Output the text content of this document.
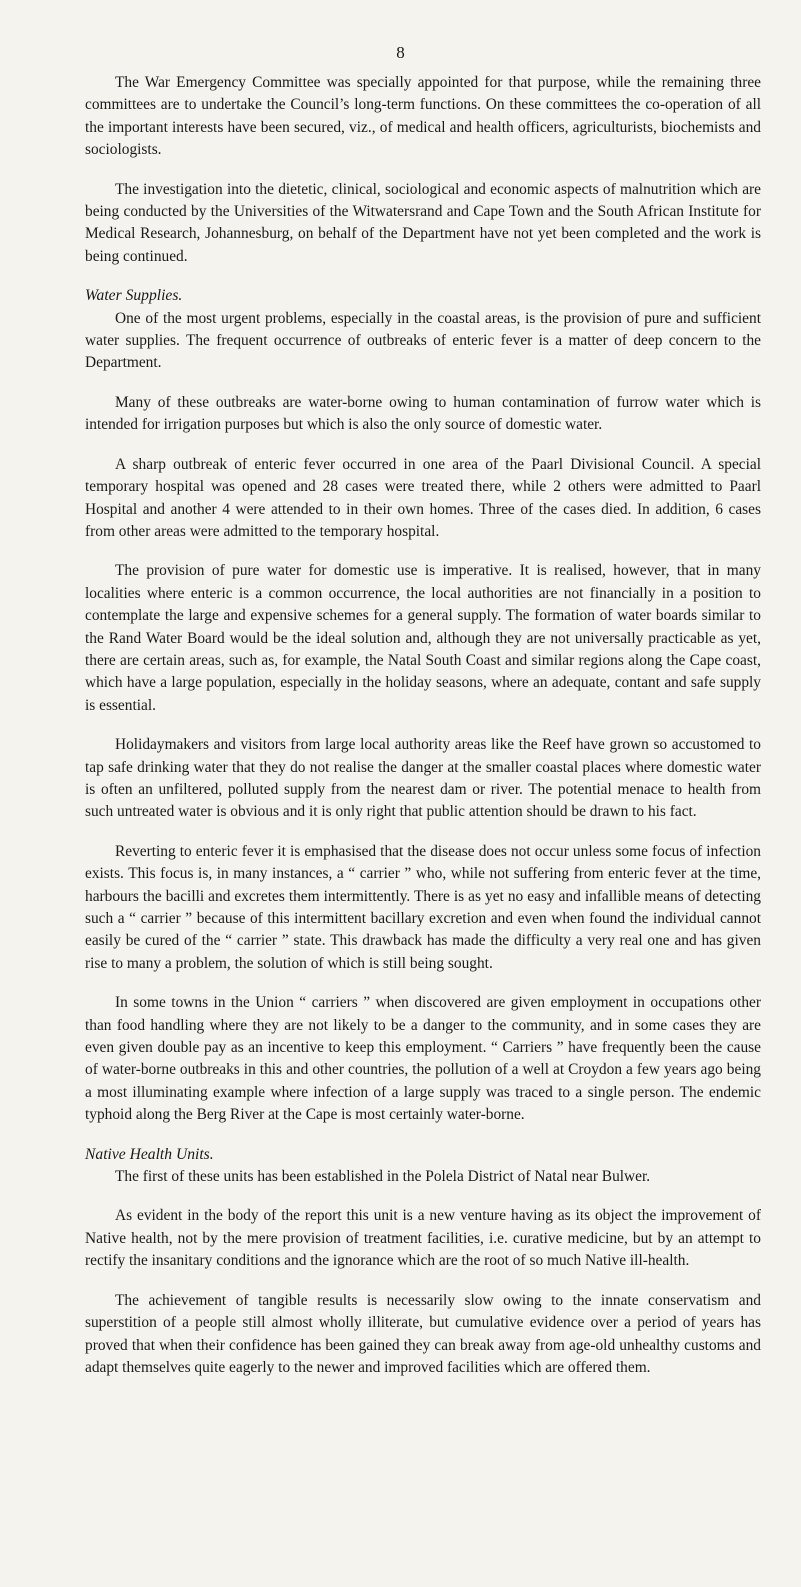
8

The War Emergency Committee was specially appointed for that purpose, while the remaining three committees are to undertake the Council’s long-term functions. On these committees the co-operation of all the important interests have been secured, viz., of medical and health officers, agriculturists, biochemists and sociologists.

The investigation into the dietetic, clinical, sociological and economic aspects of malnutrition which are being conducted by the Universities of the Witwatersrand and Cape Town and the South African Institute for Medical Research, Johannesburg, on behalf of the Department have not yet been completed and the work is being continued.

Water Supplies.

One of the most urgent problems, especially in the coastal areas, is the provision of pure and sufficient water supplies. The frequent occurrence of outbreaks of enteric fever is a matter of deep concern to the Department.

Many of these outbreaks are water-borne owing to human contamination of furrow water which is intended for irrigation purposes but which is also the only source of domestic water.

A sharp outbreak of enteric fever occurred in one area of the Paarl Divisional Council. A special temporary hospital was opened and 28 cases were treated there, while 2 others were admitted to Paarl Hospital and another 4 were attended to in their own homes. Three of the cases died. In addition, 6 cases from other areas were admitted to the temporary hospital.

The provision of pure water for domestic use is imperative. It is realised, however, that in many localities where enteric is a common occurrence, the local authorities are not financially in a position to contemplate the large and expensive schemes for a general supply. The formation of water boards similar to the Rand Water Board would be the ideal solution and, although they are not universally practicable as yet, there are certain areas, such as, for example, the Natal South Coast and similar regions along the Cape coast, which have a large population, especially in the holiday seasons, where an adequate, contant and safe supply is essential.

Holidaymakers and visitors from large local authority areas like the Reef have grown so accustomed to tap safe drinking water that they do not realise the danger at the smaller coastal places where domestic water is often an unfiltered, polluted supply from the nearest dam or river. The potential menace to health from such untreated water is obvious and it is only right that public attention should be drawn to his fact.

Reverting to enteric fever it is emphasised that the disease does not occur unless some focus of infection exists. This focus is, in many instances, a “ carrier ” who, while not suffering from enteric fever at the time, harbours the bacilli and excretes them intermittently. There is as yet no easy and infallible means of detecting such a “ carrier ” because of this intermittent bacillary excretion and even when found the individual cannot easily be cured of the “ carrier ” state. This drawback has made the difficulty a very real one and has given rise to many a problem, the solution of which is still being sought.

In some towns in the Union “ carriers ” when discovered are given employment in occupations other than food handling where they are not likely to be a danger to the community, and in some cases they are even given double pay as an incentive to keep this employment. “ Carriers ” have frequently been the cause of water-borne outbreaks in this and other countries, the pollution of a well at Croydon a few years ago being a most illuminating example where infection of a large supply was traced to a single person. The endemic typhoid along the Berg River at the Cape is most certainly water-borne.

Native Health Units.

The first of these units has been established in the Polela District of Natal near Bulwer.

As evident in the body of the report this unit is a new venture having as its object the improvement of Native health, not by the mere provision of treatment facilities, i.e. curative medicine, but by an attempt to rectify the insanitary conditions and the ignorance which are the root of so much Native ill-health.

The achievement of tangible results is necessarily slow owing to the innate conservatism and superstition of a people still almost wholly illiterate, but cumulative evidence over a period of years has proved that when their confidence has been gained they can break away from age-old unhealthy customs and adapt themselves quite eagerly to the newer and improved facilities which are offered them.
